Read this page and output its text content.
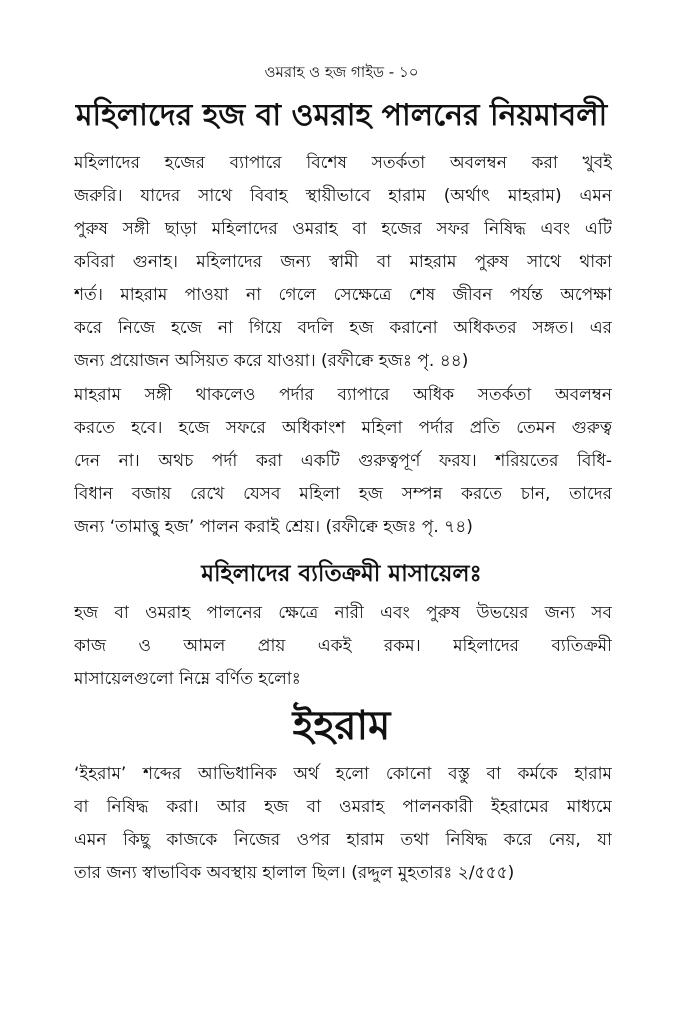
ওমরাহ ও হজ গাইড - ১০
মহিলাদের হজ বা ওমরাহ পালনের নিয়মাবলী
মহিলাদের হজের ব্যাপারে বিশেষ সতর্কতা অবলম্বন করা খুবই
জরুরি। যাদের সাথে বিবাহ স্থায়ীভাবে হারাম (অর্থাৎ মাহরাম) এমন
পুরুষ সঙ্গী ছাড়া মহিলাদের ওমরাহ বা হজের সফর নিষিদ্ধ এবং এটি
কবিরা গুনাহ। মহিলাদের জন্য স্বামী বা মাহরাম পুরুষ সাথে থাকা
শর্ত। মাহরাম পাওয়া না গেলে সেক্ষেত্রে শেষ জীবন পর্যন্ত অপেক্ষা
করে নিজে হজে না গিয়ে বদলি হজ করানো অধিকতর সঙ্গত। এর
জন্য প্রয়োজন অসিয়ত করে যাওয়া। (রফীক্বে হজঃ পৃ. ৪৪)
মাহরাম সঙ্গী থাকলেও পর্দার ব্যাপারে অধিক সতর্কতা অবলম্বন
করতে হবে। হজে সফরে অধিকাংশ মহিলা পর্দার প্রতি তেমন গুরুত্ব
দেন না। অথচ পর্দা করা একটি গুরুত্বপূর্ণ ফরয। শরিয়তের বিধি-
বিধান বজায় রেখে যেসব মহিলা হজ সম্পন্ন করতে চান, তাদের
জন্য ‘তামাত্তু হজ’ পালন করাই শ্রেয়। (রফীক্বে হজঃ পৃ. ৭৪)
মহিলাদের ব্যতিক্রমী মাসায়েলঃ
হজ বা ওমরাহ পালনের ক্ষেত্রে নারী এবং পুরুষ উভয়ের জন্য সব
কাজ ও আমল প্রায় একই রকম। মহিলাদের ব্যতিক্রমী
মাসায়েলগুলো নিম্নে বর্ণিত হলোঃ
ইহরাম
‘ইহরাম’ শব্দের আভিধানিক অর্থ হলো কোনো বস্তু বা কর্মকে হারাম
বা নিষিদ্ধ করা। আর হজ বা ওমরাহ পালনকারী ইহরামের মাধ্যমে
এমন কিছু কাজকে নিজের ওপর হারাম তথা নিষিদ্ধ করে নেয়, যা
তার জন্য স্বাভাবিক অবস্থায় হালাল ছিল। (রদ্দুল মুহতারঃ ২/৫৫৫)
